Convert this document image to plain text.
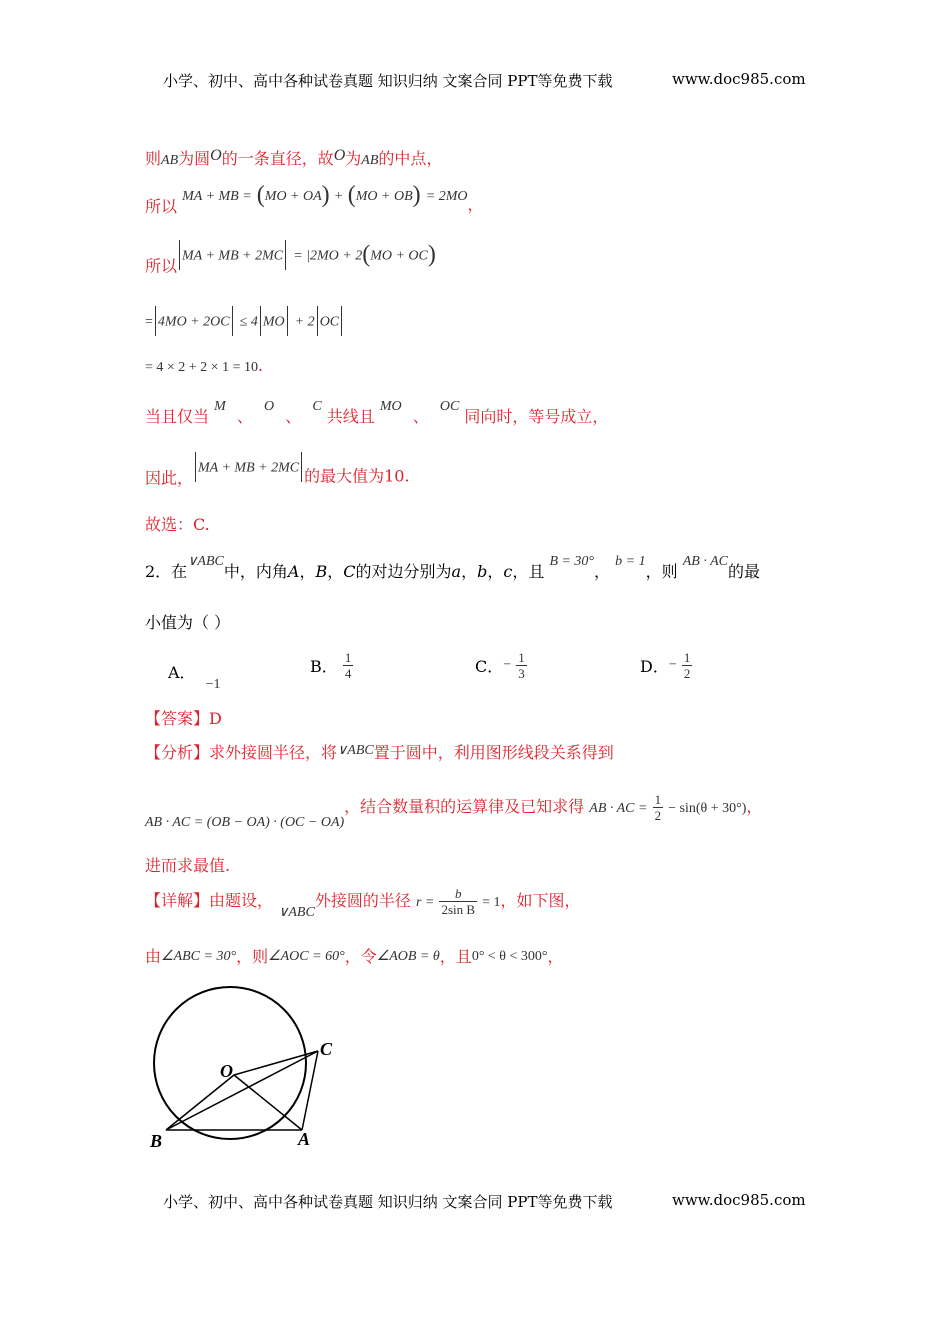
小学、初中、高中各种试卷真题 知识归纳 文案合同 PPT等免费下载	www.doc985.com
则AB为圆O的一条直径，故O为AB的中点，
所以 MA + MB = (MO + OA) + (MO + OB) = 2MO，
所以MA + MB + 2MC = |2MO + 2(MO + OC)
= 4MO + 2OC ≤ 4 MO + 2 OC
= 4 × 2 + 2 × 1 = 10.
当且仅当 M 、 O 、 C 共线且 MO 、 OC 同向时，等号成立，
因此，MA + MB + 2MC 的最大值为10.
故选：C.
2．在∨ABC中，内角A，B，C的对边分别为a，b，c，且 B = 30°， b = 1，则 AB · AC的最
小值为（ ）
A．−1
B． $\frac{1}{4}$	C．− $\frac{1}{3}$	D．− $\frac{1}{2}$
【答案】D
【分析】求外接圆半径，将∨ABC置于圆中，利用图形线段关系得到
AB · AC = (OB − OA) · (OC − OA)，结合数量积的运算律及已知求得 AB · AC = $\frac{1}{2} - \sin(\theta + 30^\circ)$，
进而求最值.
【详解】由题设， ∨ABC外接圆的半径 $r = \frac{b}{\text{2sin B}} = 1$，如下图，
由∠ABC = 30°，则∠AOC = 60°，令∠AOB = θ，且0° < θ < 300°，
O
C
B	A
小学、初中、高中各种试卷真题 知识归纳 文案合同 PPT等免费下载	www.doc985.com
